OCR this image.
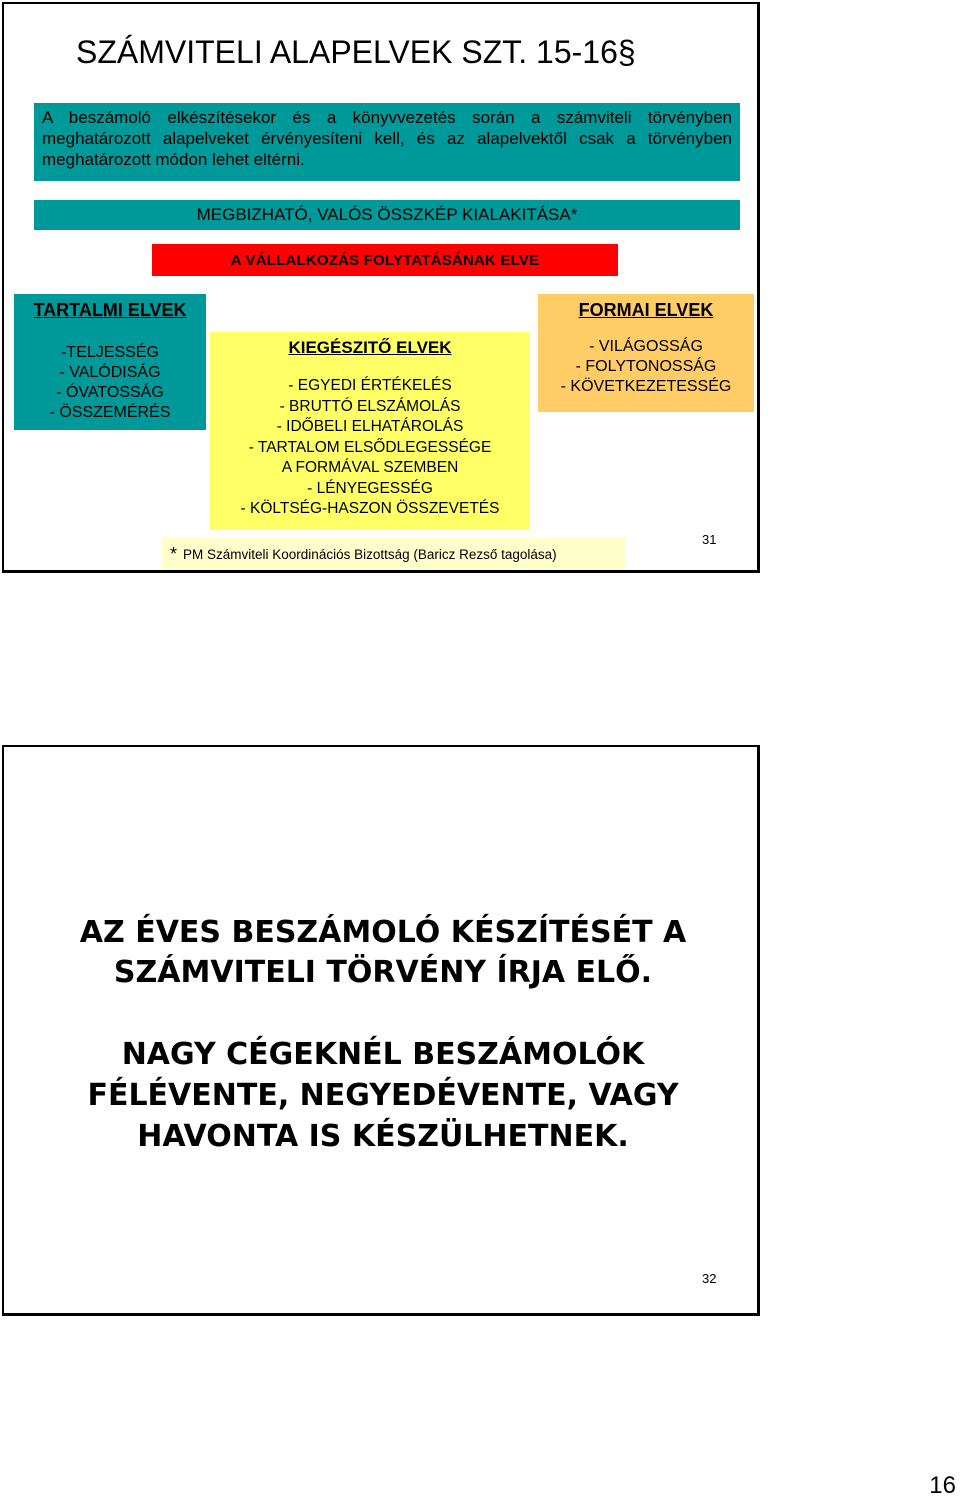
SZÁMVITELI ALAPELVEK SZT. 15-16§
A beszámoló elkészítésekor és a könyvvezetés során a számviteli törvényben meghatározott alapelveket érvényesíteni kell, és az alapelvektől csak a törvényben meghatározott módon lehet eltérni.
MEGBIZHATÓ, VALÓS ÖSSZKÉP KIALAKITÁSA*
A VÁLLALKOZÁS FOLYTATÁSÁNAK ELVE
TARTALMI ELVEK
-TELJESSÉG
- VALÓDISÁG
- ÓVATOSSÁG
- ÖSSZEMÉRÉS
FORMAI ELVEK
- VILÁGOSSÁG
- FOLYTONOSSÁG
- KÖVETKEZETESSÉG
KIEGÉSZITŐ ELVEK
- EGYEDI ÉRTÉKELÉS
- BRUTTÓ ELSZÁMOLÁS
- IDŐBELI ELHATÁROLÁS
- TARTALOM ELSŐDLEGESSÉGE
A FORMÁVAL SZEMBEN
- LÉNYEGESSÉG
- KÖLTSÉG-HASZON ÖSSZEVETÉS
* PM Számviteli Koordinációs Bizottság (Baricz Rezső tagolása)
31
AZ ÉVES BESZÁMOLÓ KÉSZÍTÉSÉT A
SZÁMVITELI TÖRVÉNY ÍRJA ELŐ.
NAGY CÉGEKNÉL BESZÁMOLÓK
FÉLÉVENTE, NEGYEDÉVENTE, VAGY
HAVONTA IS KÉSZÜLHETNEK.
32
16
